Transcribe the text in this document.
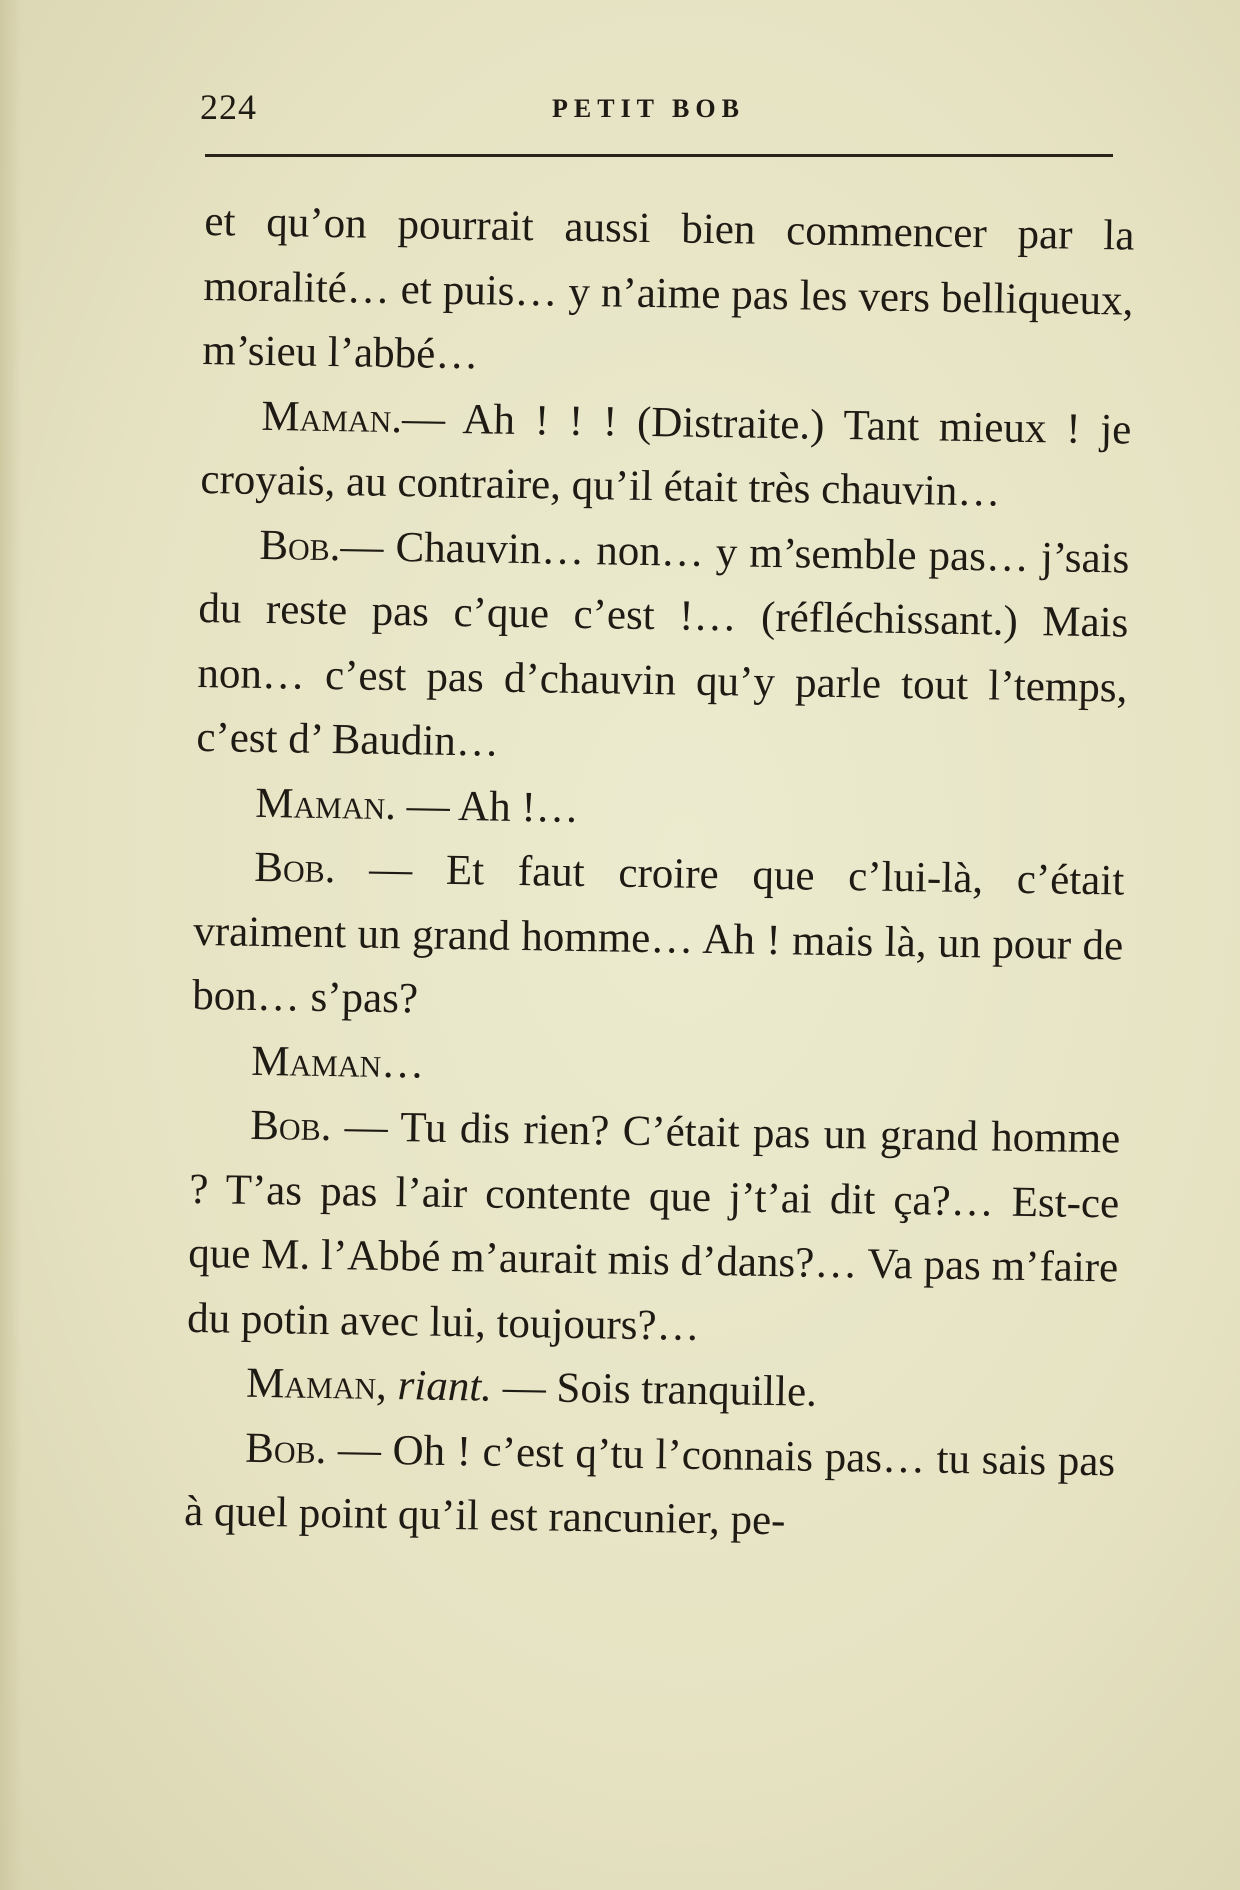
224	PETIT BOB

et qu’on pourrait aussi bien commencer par la moralité… et puis… y n’aime pas les vers belliqueux, m’sieu l’abbé…

Maman.— Ah ! ! ! (Distraite.) Tant mieux ! je croyais, au contraire, qu’il était très chauvin…

Bob.— Chauvin… non… y m’semble pas… j’sais du reste pas c’que c’est !… (réfléchissant.) Mais non… c’est pas d’chauvin qu’y parle tout l’temps, c’est d’ Baudin…

Maman. — Ah !…

Bob. — Et faut croire que c’lui-là, c’était vraiment un grand homme… Ah ! mais là, un pour de bon… s’pas?

Maman…

Bob. — Tu dis rien? C’était pas un grand homme ? T’as pas l’air contente que j’t’ai dit ça?… Est-ce que M. l’Abbé m’aurait mis d’dans?… Va pas m’faire du potin avec lui, toujours?…

Maman, riant. — Sois tranquille.

Bob. — Oh ! c’est q’tu l’connais pas… tu sais pas à quel point qu’il est rancunier, pe-
